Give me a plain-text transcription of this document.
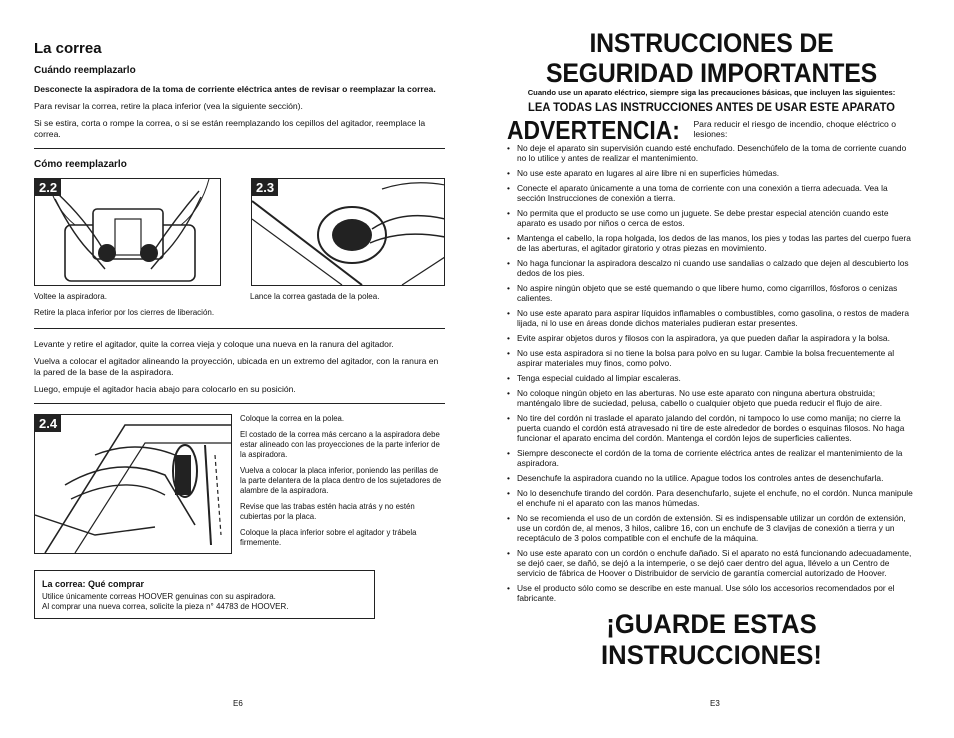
La correa
Cuándo reemplazarlo

Desconecte la aspiradora de la toma de corriente eléctrica antes de revisar o reemplazar la correa.

Para revisar la correa, retire la placa inferior (vea la siguiente sección).

Si se estira, corta o rompe la correa, o si se están reemplazando los cepillos del agitador, reemplace la correa.

Cómo reemplazarlo
2.2	2.3

Voltee la aspiradora.

Retire la placa inferior por los cierres de liberación.

Lance la correa gastada de la polea.

Levante y retire el agitador, quite la correa vieja y coloque una nueva en la ranura del agitador.

Vuelva a colocar el agitador alineando la proyección, ubicada en un extremo del agitador, con la ranura en la pared de la base de la aspiradora.

Luego, empuje el agitador hacia abajo para colocarlo en su posición.

2.4	Coloque la correa en la polea.

El costado de la correa más cercano a la aspiradora debe estar alineado con las proyecciones de la parte inferior de la aspiradora.

Vuelva a colocar la placa inferior, poniendo las perillas de la parte delantera de la placa dentro de los sujetadores de alambre de la aspiradora.

Revise que las trabas estén hacia atrás y no estén cubiertas por la placa.

Coloque la placa inferior sobre el agitador y trábela firmemente.

La correa: Qué comprar

Utilice únicamente correas HOOVER genuinas con su aspiradora.

Al comprar una nueva correa, solicite la pieza n° 44783 de HOOVER.

E6
INSTRUCCIONES DE
SEGURIDAD IMPORTANTES
Cuando use un aparato eléctrico, siempre siga las precauciones básicas, que incluyen las siguientes:
LEA TODAS LAS INSTRUCCIONES ANTES DE USAR ESTE APARATO
ADVERTENCIA: Para reducir el riesgo de incendio, choque eléctrico o lesiones:
• No deje el aparato sin supervisión cuando esté enchufado. Desenchúfelo de la toma de corriente cuando no lo utilice y antes de realizar el mantenimiento.
• No use este aparato en lugares al aire libre ni en superficies húmedas.
• Conecte el aparato únicamente a una toma de corriente con una conexión a tierra adecuada. Vea la sección Instrucciones de conexión a tierra.
• No permita que el producto se use como un juguete. Se debe prestar especial atención cuando este aparato es usado por niños o cerca de estos.
• Mantenga el cabello, la ropa holgada, los dedos de las manos, los pies y todas las partes del cuerpo fuera de las aberturas, el agitador giratorio y otras piezas en movimiento.
• No haga funcionar la aspiradora descalzo ni cuando use sandalias o calzado que dejen al descubierto los dedos de los pies.
• No aspire ningún objeto que se esté quemando o que libere humo, como cigarrillos, fósforos o cenizas calientes.
• No use este aparato para aspirar líquidos inflamables o combustibles, como gasolina, o restos de madera lijada, ni lo use en áreas donde dichos materiales pudieran estar presentes.
• Evite aspirar objetos duros y filosos con la aspiradora, ya que pueden dañar la aspiradora y la bolsa.
• No use esta aspiradora si no tiene la bolsa para polvo en su lugar. Cambie la bolsa frecuentemente al aspirar materiales muy finos, como polvo.
• Tenga especial cuidado al limpiar escaleras.
• No coloque ningún objeto en las aberturas. No use este aparato con ninguna abertura obstruida; manténgalo libre de suciedad, pelusa, cabello o cualquier objeto que pueda reducir el flujo de aire.
• No tire del cordón ni traslade el aparato jalando del cordón, ni tampoco lo use como manija; no cierre la puerta cuando el cordón está atravesado ni tire de este alrededor de bordes o esquinas filosos. No haga funcionar el aparato encima del cordón. Mantenga el cordón lejos de superficies calientes.
• Siempre desconecte el cordón de la toma de corriente eléctrica antes de realizar el mantenimiento de la aspiradora.
• Desenchufe la aspiradora cuando no la utilice. Apague todos los controles antes de desenchufarla.
• No lo desenchufe tirando del cordón. Para desenchufarlo, sujete el enchufe, no el cordón. Nunca manipule el enchufe ni el aparato con las manos húmedas.
• No se recomienda el uso de un cordón de extensión. Si es indispensable utilizar un cordón de extensión, use un cordón de, al menos, 3 hilos, calibre 16, con un enchufe de 3 clavijas de conexión a tierra y un receptáculo de 3 polos compatible con el enchufe de la máquina.
• No use este aparato con un cordón o enchufe dañado. Si el aparato no está funcionando adecuadamente, se dejó caer, se dañó, se dejó a la intemperie, o se dejó caer dentro del agua, llévelo a un Centro de servicio de fábrica de Hoover o Distribuidor de servicio de garantía comercial autorizado de Hoover.
• Use el producto sólo como se describe en este manual. Use sólo los accesorios recomendados por el fabricante.
¡GUARDE ESTAS INSTRUCCIONES!
E3
